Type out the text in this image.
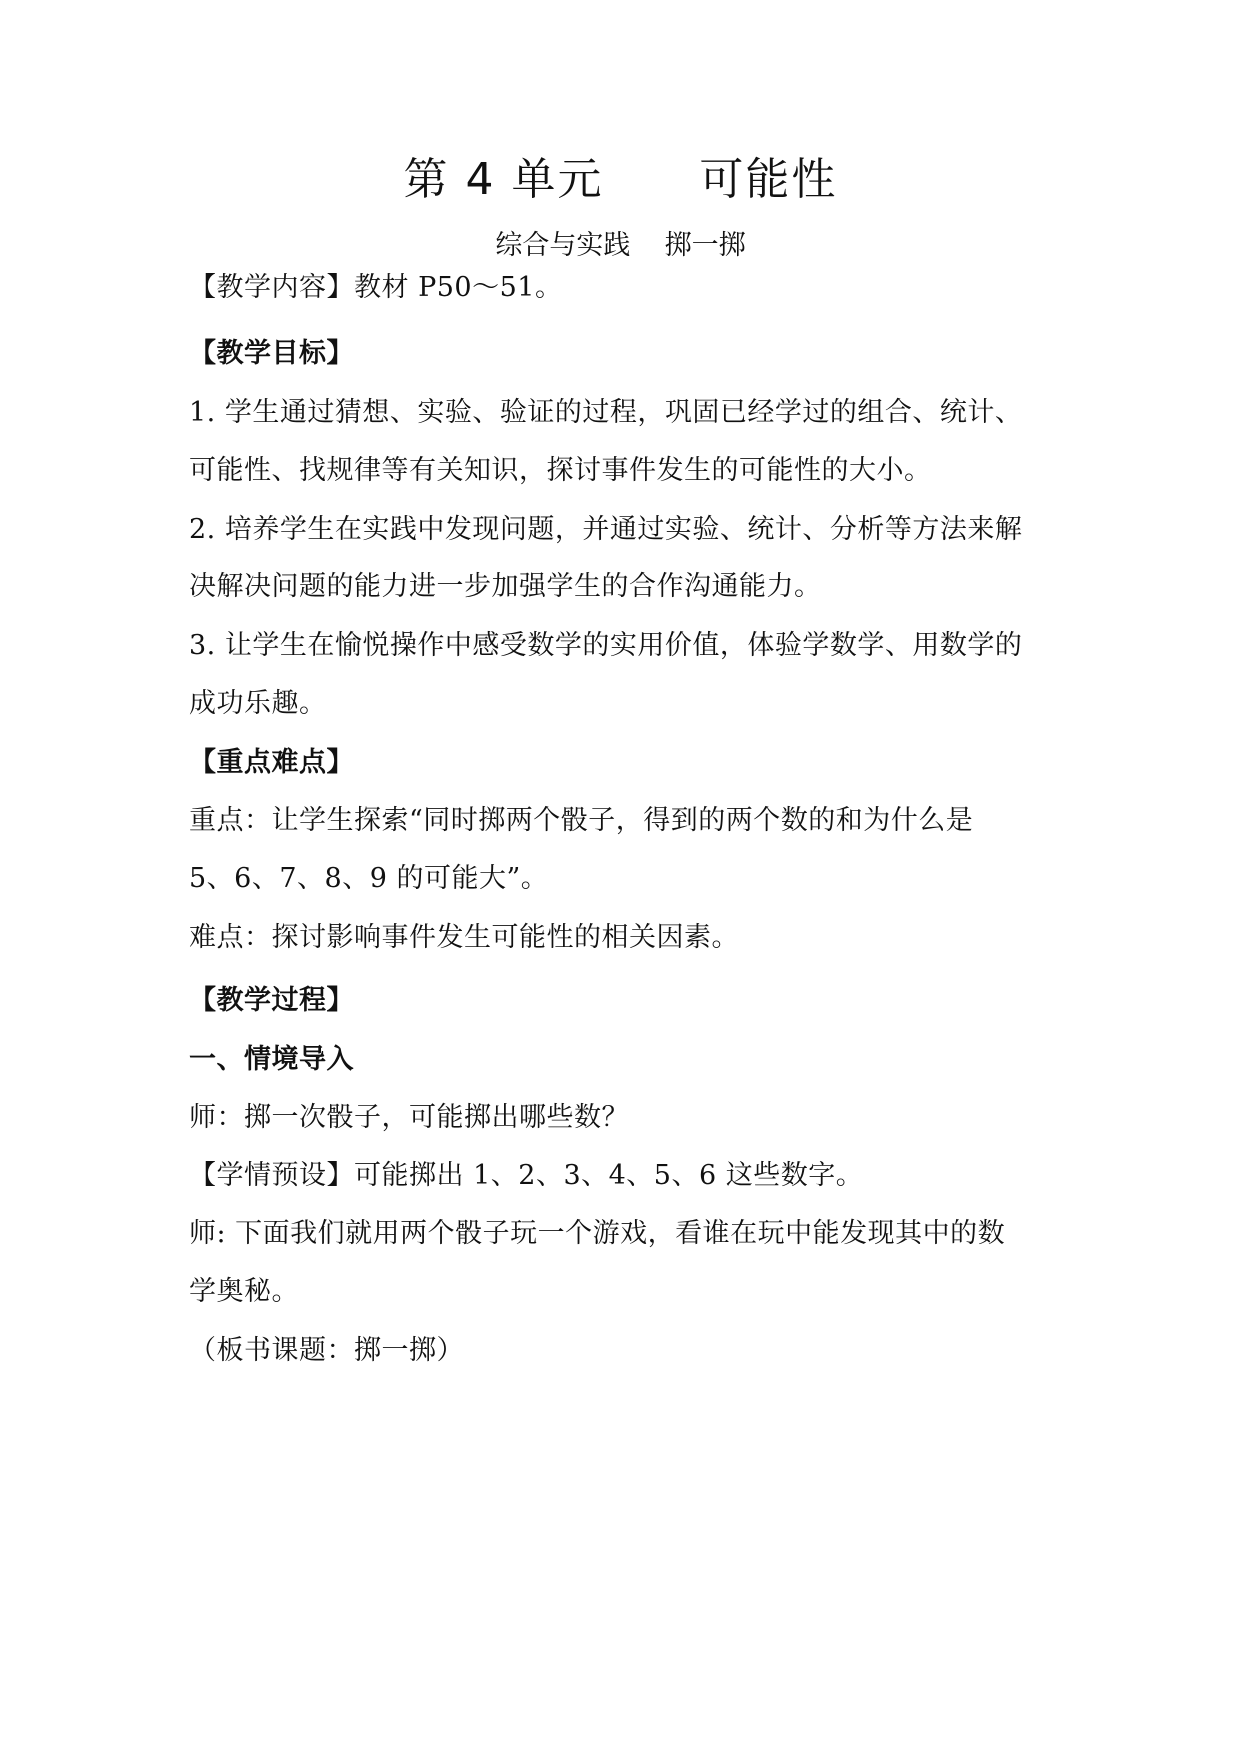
第 4 单元      可能性
综合与实践    掷一掷
【教学内容】教材 P50～51。
【教学目标】
1. 学生通过猜想、实验、验证的过程，巩固已经学过的组合、统计、
可能性、找规律等有关知识，探讨事件发生的可能性的大小。
2. 培养学生在实践中发现问题，并通过实验、统计、分析等方法来解
决解决问题的能力进一步加强学生的合作沟通能力。
3. 让学生在愉悦操作中感受数学的实用价值，体验学数学、用数学的
成功乐趣。
【重点难点】
重点：让学生探索“同时掷两个骰子，得到的两个数的和为什么是
5、6、7、8、9 的可能大”。
难点：探讨影响事件发生可能性的相关因素。
【教学过程】
一、情境导入
师：掷一次骰子，可能掷出哪些数？
【学情预设】可能掷出 1、2、3、4、5、6 这些数字。
师: 下面我们就用两个骰子玩一个游戏，看谁在玩中能发现其中的数
学奥秘。
（板书课题：掷一掷）
